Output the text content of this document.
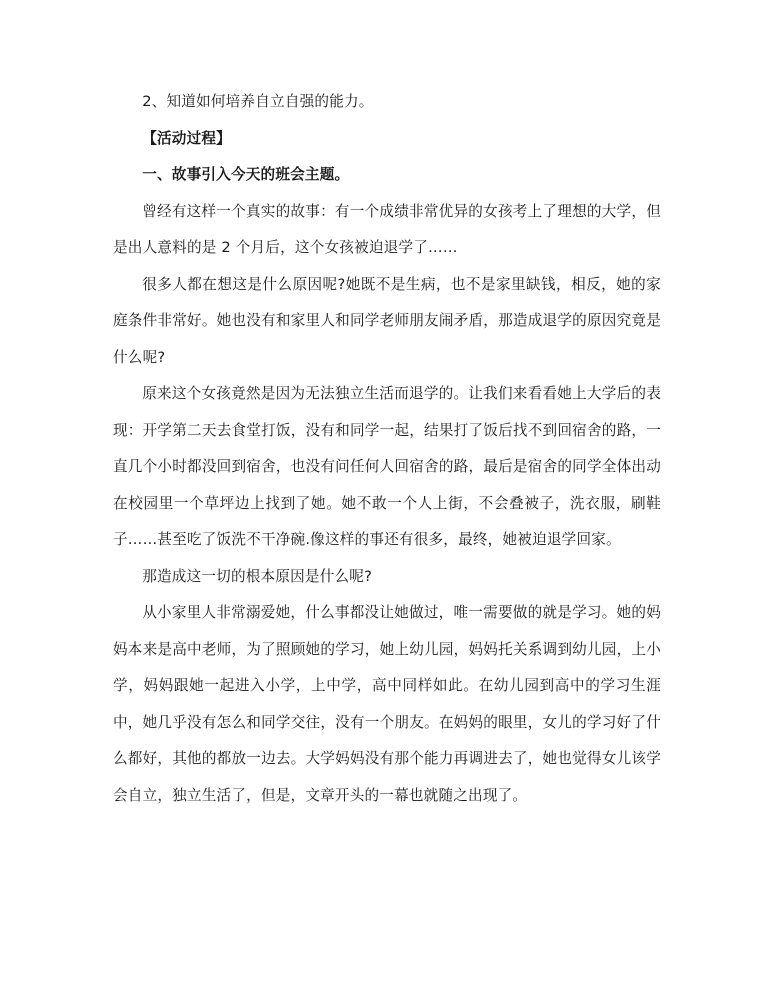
2、知道如何培养自立自强的能力。

【活动过程】

一、故事引入今天的班会主题。

曾经有这样一个真实的故事：有一个成绩非常优异的女孩考上了理想的大学，但是出人意料的是 2 个月后，这个女孩被迫退学了……

很多人都在想这是什么原因呢?她既不是生病，也不是家里缺钱，相反，她的家庭条件非常好。她也没有和家里人和同学老师朋友闹矛盾，那造成退学的原因究竟是什么呢?

原来这个女孩竟然是因为无法独立生活而退学的。让我们来看看她上大学后的表现：开学第二天去食堂打饭，没有和同学一起，结果打了饭后找不到回宿舍的路，一直几个小时都没回到宿舍，也没有问任何人回宿舍的路，最后是宿舍的同学全体出动在校园里一个草坪边上找到了她。她不敢一个人上街，不会叠被子，洗衣服，刷鞋子……甚至吃了饭洗不干净碗.像这样的事还有很多，最终，她被迫退学回家。

那造成这一切的根本原因是什么呢?

从小家里人非常溺爱她，什么事都没让她做过，唯一需要做的就是学习。她的妈妈本来是高中老师，为了照顾她的学习，她上幼儿园，妈妈托关系调到幼儿园，上小学，妈妈跟她一起进入小学，上中学，高中同样如此。在幼儿园到高中的学习生涯中，她几乎没有怎么和同学交往，没有一个朋友。在妈妈的眼里，女儿的学习好了什么都好，其他的都放一边去。大学妈妈没有那个能力再调进去了，她也觉得女儿该学会自立，独立生活了，但是，文章开头的一幕也就随之出现了。
